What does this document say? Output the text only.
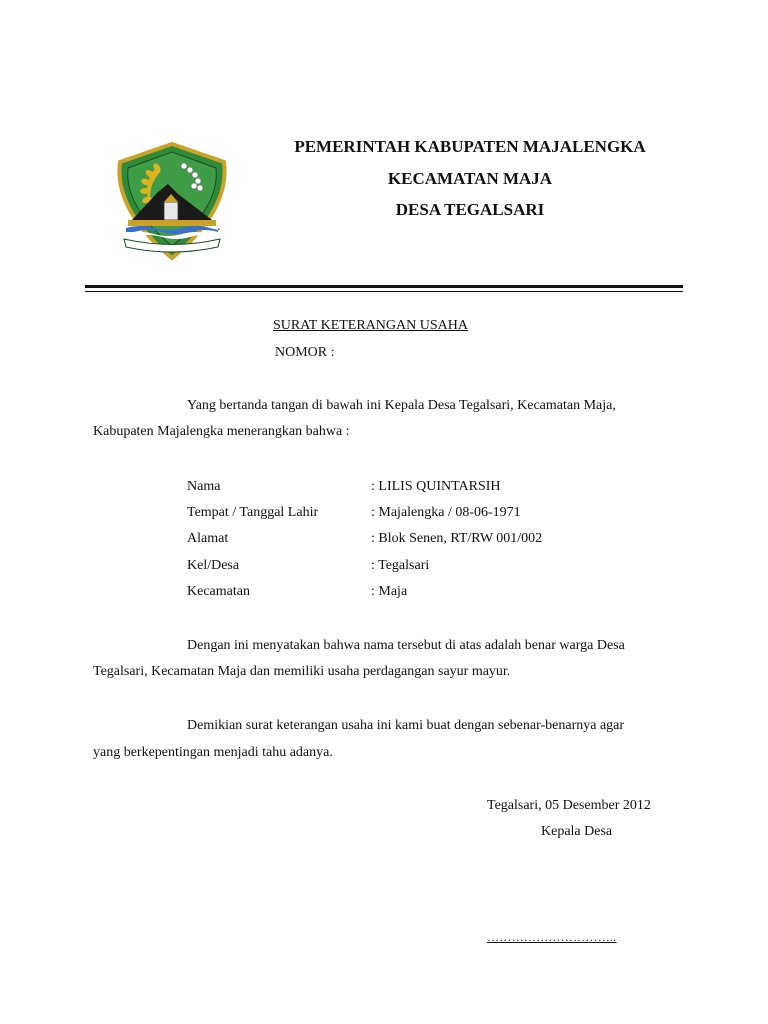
PEMERINTAH KABUPATEN MAJALENGKA
KECAMATAN MAJA
DESA TEGALSARI
SURAT KETERANGAN USAHA
NOMOR :
Yang bertanda tangan di bawah ini Kepala Desa Tegalsari, Kecamatan Maja,
Kabupaten Majalengka menerangkan bahwa :
Nama	: LILIS QUINTARSIH
Tempat / Tanggal Lahir	: Majalengka / 08-06-1971
Alamat	: Blok Senen, RT/RW 001/002
Kel/Desa	: Tegalsari
Kecamatan	: Maja
Dengan ini menyatakan bahwa nama tersebut di atas adalah benar warga Desa
Tegalsari, Kecamatan Maja dan memiliki usaha perdagangan sayur mayur.
Demikian surat keterangan usaha ini kami buat dengan sebenar-benarnya agar
yang berkepentingan menjadi tahu adanya.
Tegalsari, 05 Desember 2012
Kepala Desa
…………………………..
